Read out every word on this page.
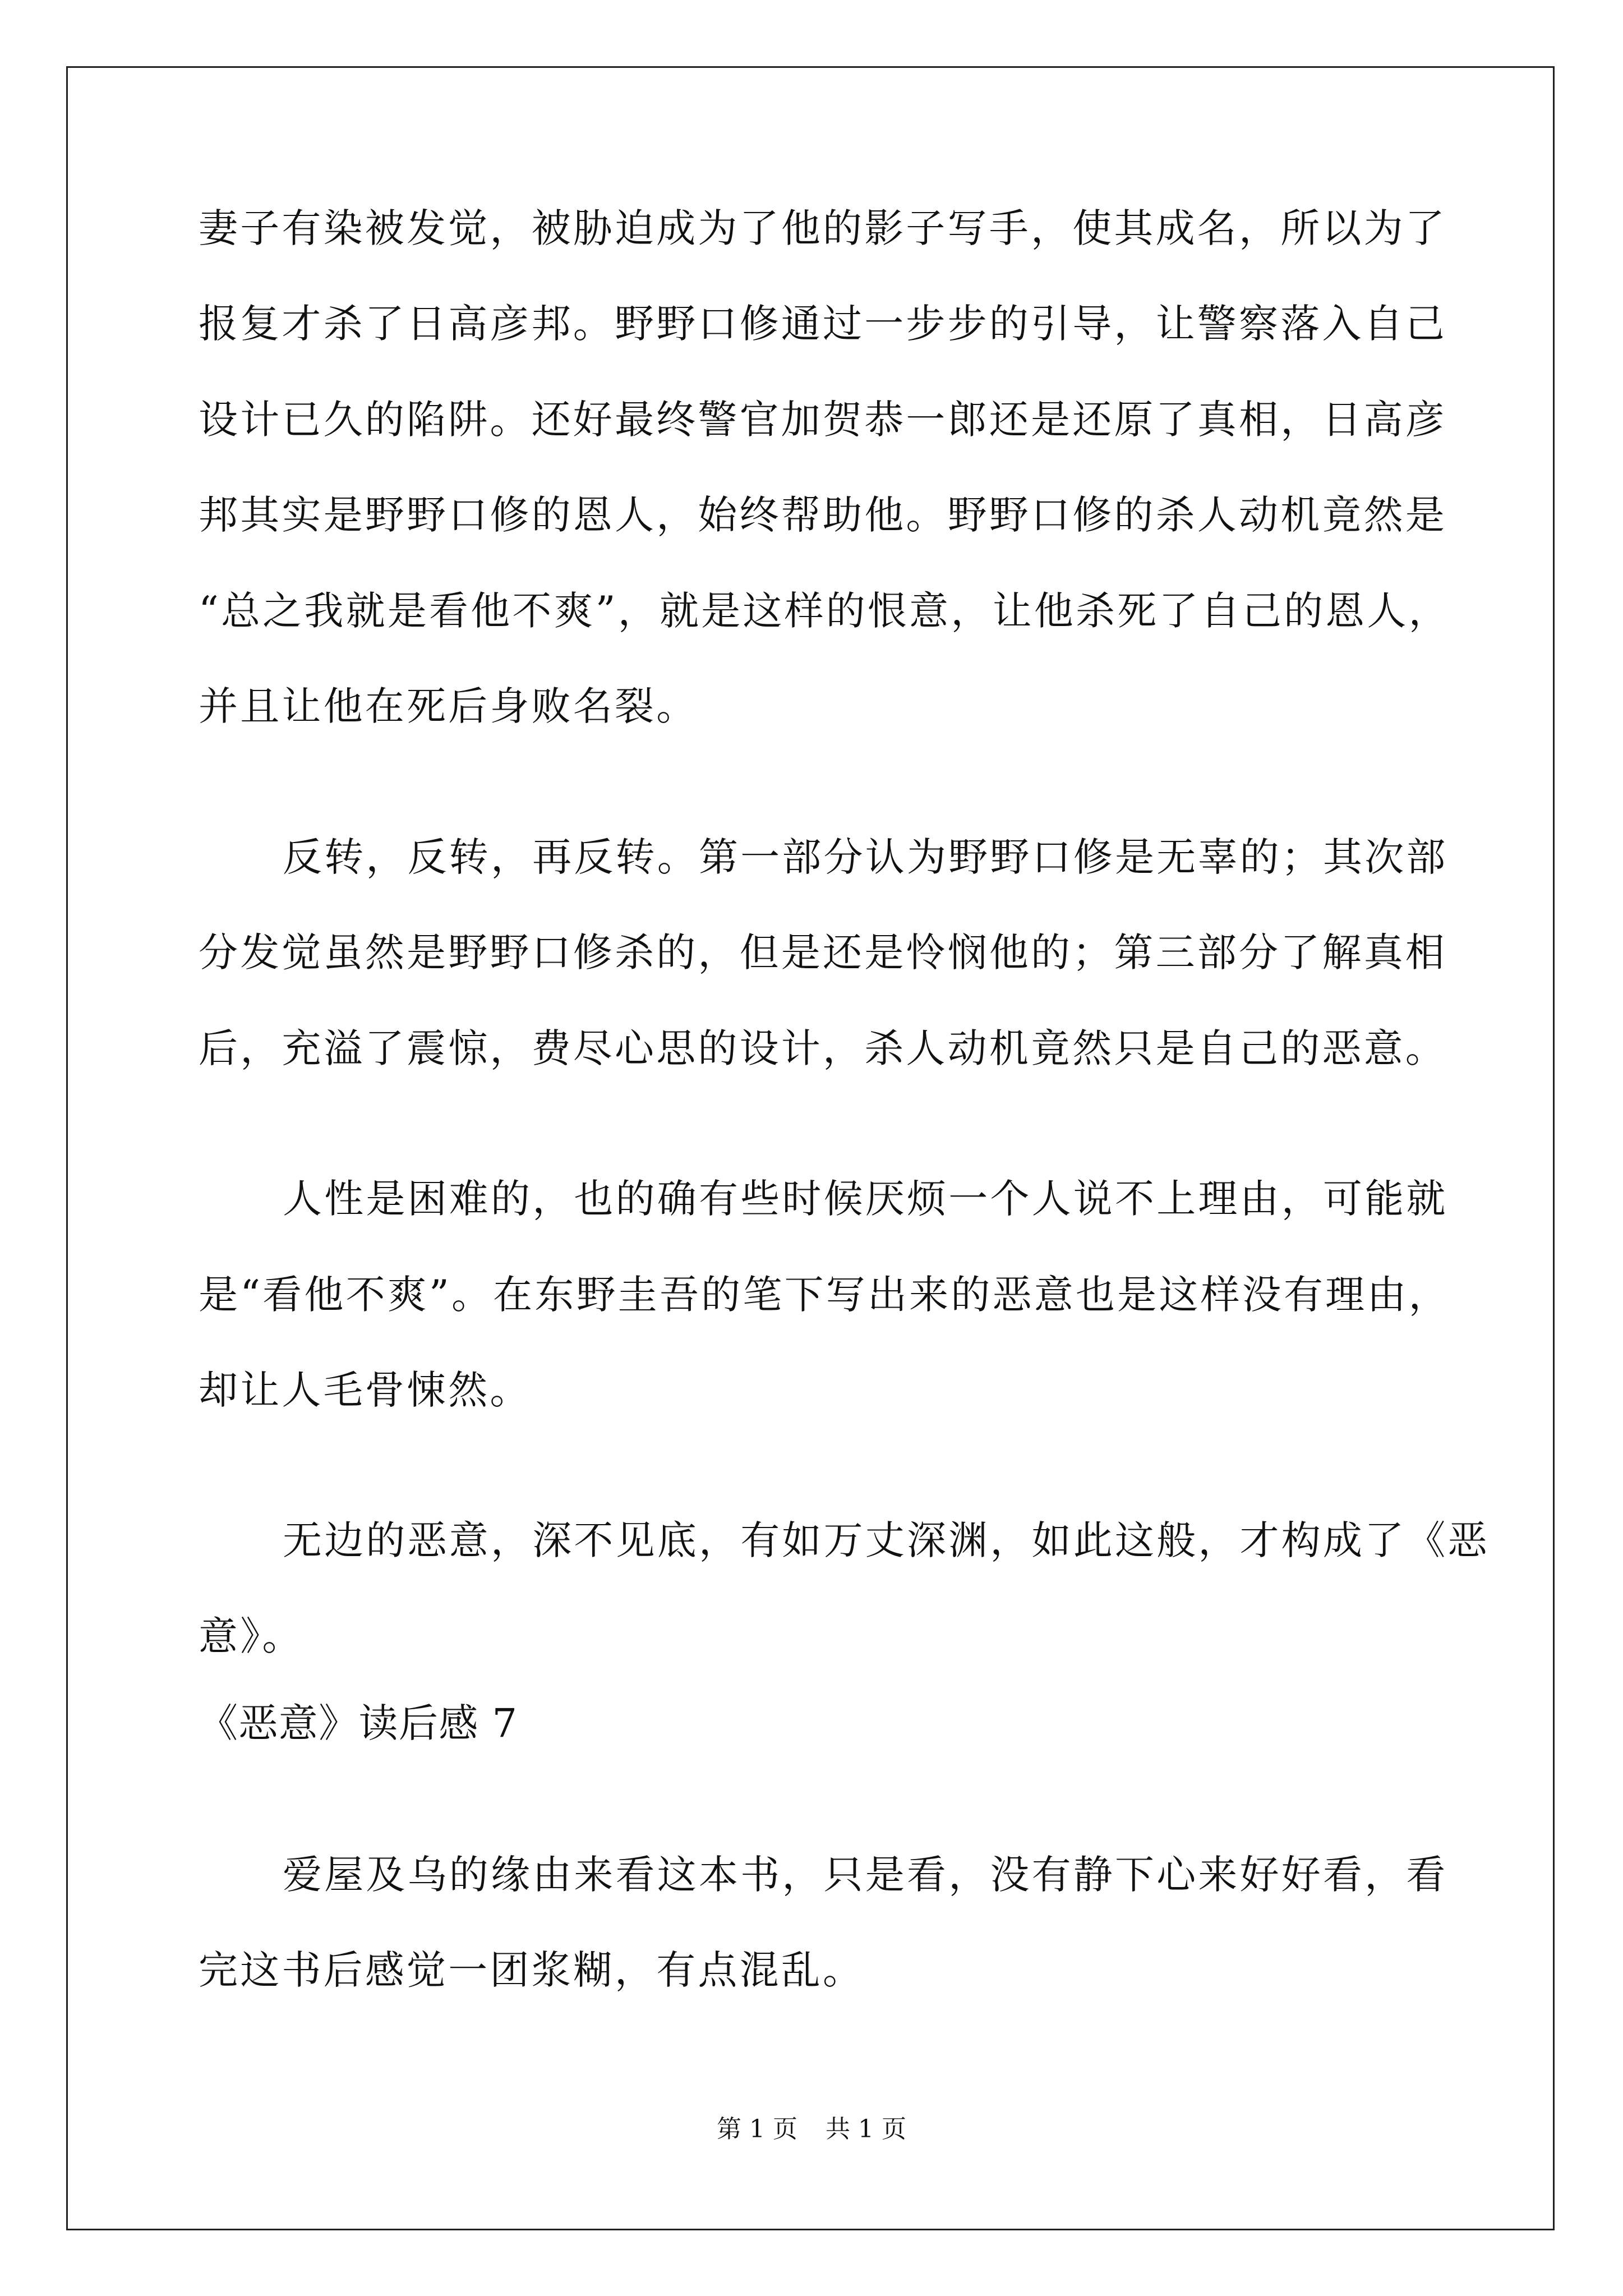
妻子有染被发觉，被胁迫成为了他的影子写手，使其成名，所以为了

报复才杀了日高彦邦。野野口修通过一步步的引导，让警察落入自己

设计已久的陷阱。还好最终警官加贺恭一郎还是还原了真相，日高彦

邦其实是野野口修的恩人，始终帮助他。野野口修的杀人动机竟然是

“总之我就是看他不爽”，就是这样的恨意，让他杀死了自己的恩人，

并且让他在死后身败名裂。

反转，反转，再反转。第一部分认为野野口修是无辜的；其次部

分发觉虽然是野野口修杀的，但是还是怜悯他的；第三部分了解真相

后，充溢了震惊，费尽心思的设计，杀人动机竟然只是自己的恶意。

人性是困难的，也的确有些时候厌烦一个人说不上理由，可能就

是“看他不爽”。在东野圭吾的笔下写出来的恶意也是这样没有理由，

却让人毛骨悚然。

无边的恶意，深不见底，有如万丈深渊，如此这般，才构成了《恶

意》。

《恶意》读后感 7

爱屋及乌的缘由来看这本书，只是看，没有静下心来好好看，看

完这书后感觉一团浆糊，有点混乱。

第 1 页 共 1 页
